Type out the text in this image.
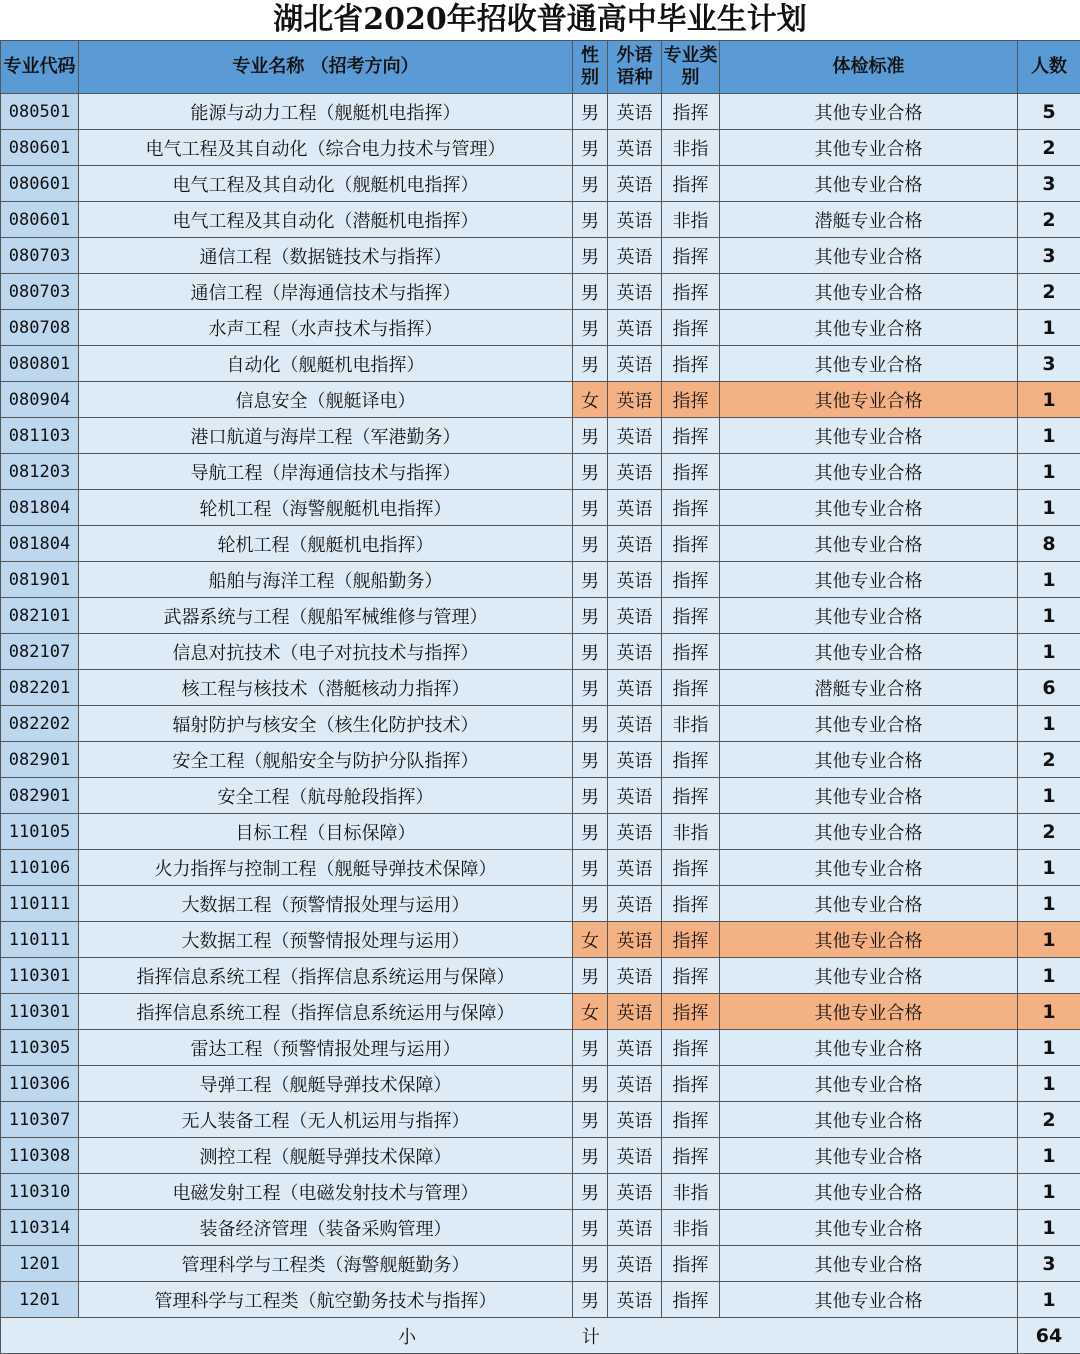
湖北省2020年招收普通高中毕业生计划
专业代码	专业名称 （招考方向）	性别	外语语种	专业类别	体检标准	人数
080501	能源与动力工程（舰艇机电指挥）	男	英语	指挥	其他专业合格	5
080601	电气工程及其自动化（综合电力技术与管理）	男	英语	非指	其他专业合格	2
080601	电气工程及其自动化（舰艇机电指挥）	男	英语	指挥	其他专业合格	3
080601	电气工程及其自动化（潜艇机电指挥）	男	英语	非指	潜艇专业合格	2
080703	通信工程（数据链技术与指挥）	男	英语	指挥	其他专业合格	3
080703	通信工程（岸海通信技术与指挥）	男	英语	指挥	其他专业合格	2
080708	水声工程（水声技术与指挥）	男	英语	指挥	其他专业合格	1
080801	自动化（舰艇机电指挥）	男	英语	指挥	其他专业合格	3
080904	信息安全（舰艇译电）	女	英语	指挥	其他专业合格	1
081103	港口航道与海岸工程（军港勤务）	男	英语	指挥	其他专业合格	1
081203	导航工程（岸海通信技术与指挥）	男	英语	指挥	其他专业合格	1
081804	轮机工程（海警舰艇机电指挥）	男	英语	指挥	其他专业合格	1
081804	轮机工程（舰艇机电指挥）	男	英语	指挥	其他专业合格	8
081901	船舶与海洋工程（舰船勤务）	男	英语	指挥	其他专业合格	1
082101	武器系统与工程（舰船军械维修与管理）	男	英语	指挥	其他专业合格	1
082107	信息对抗技术（电子对抗技术与指挥）	男	英语	指挥	其他专业合格	1
082201	核工程与核技术（潜艇核动力指挥）	男	英语	指挥	潜艇专业合格	6
082202	辐射防护与核安全（核生化防护技术）	男	英语	非指	其他专业合格	1
082901	安全工程（舰船安全与防护分队指挥）	男	英语	指挥	其他专业合格	2
082901	安全工程（航母舱段指挥）	男	英语	指挥	其他专业合格	1
110105	目标工程（目标保障）	男	英语	非指	其他专业合格	2
110106	火力指挥与控制工程（舰艇导弹技术保障）	男	英语	指挥	其他专业合格	1
110111	大数据工程（预警情报处理与运用）	男	英语	指挥	其他专业合格	1
110111	大数据工程（预警情报处理与运用）	女	英语	指挥	其他专业合格	1
110301	指挥信息系统工程（指挥信息系统运用与保障）	男	英语	指挥	其他专业合格	1
110301	指挥信息系统工程（指挥信息系统运用与保障）	女	英语	指挥	其他专业合格	1
110305	雷达工程（预警情报处理与运用）	男	英语	指挥	其他专业合格	1
110306	导弹工程（舰艇导弹技术保障）	男	英语	指挥	其他专业合格	1
110307	无人装备工程（无人机运用与指挥）	男	英语	指挥	其他专业合格	2
110308	测控工程（舰艇导弹技术保障）	男	英语	指挥	其他专业合格	1
110310	电磁发射工程（电磁发射技术与管理）	男	英语	非指	其他专业合格	1
110314	装备经济管理（装备采购管理）	男	英语	非指	其他专业合格	1
1201	管理科学与工程类（海警舰艇勤务）	男	英语	指挥	其他专业合格	3
1201	管理科学与工程类（航空勤务技术与指挥）	男	英语	指挥	其他专业合格	1
小 计						64
